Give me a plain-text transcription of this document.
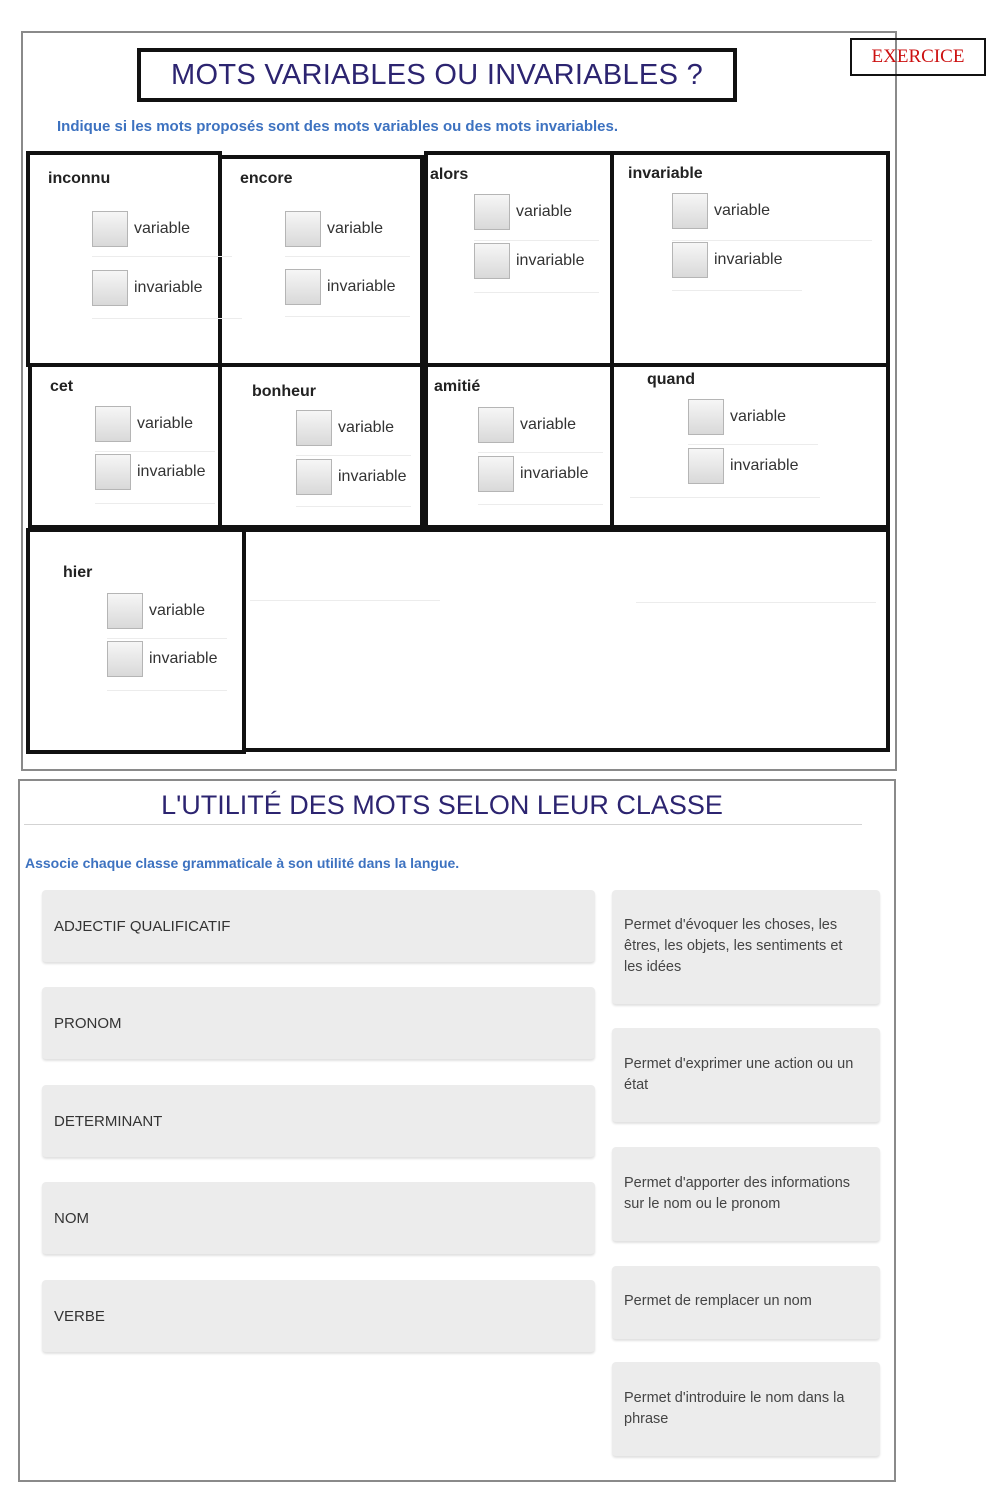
MOTS VARIABLES OU INVARIABLES ?
EXERCICE
Indique si les mots proposés sont des mots variables ou des mots invariables.
inconnu
variable
invariable
encore
variable
invariable
alors
variable
invariable
invariable
variable
invariable
cet
variable
invariable
bonheur
variable
invariable
amitié
variable
invariable
quand
variable
invariable
hier
variable
invariable
L'UTILITÉ DES MOTS SELON LEUR CLASSE
Associe chaque classe grammaticale à son utilité dans la langue.
ADJECTIF QUALIFICATIF
PRONOM
DETERMINANT
NOM
VERBE
Permet d'évoquer les choses, les êtres, les objets, les sentiments et les idées
Permet d'exprimer une action ou un état
Permet d'apporter des informations sur le nom ou le pronom
Permet de remplacer un nom
Permet d'introduire le nom dans la phrase
